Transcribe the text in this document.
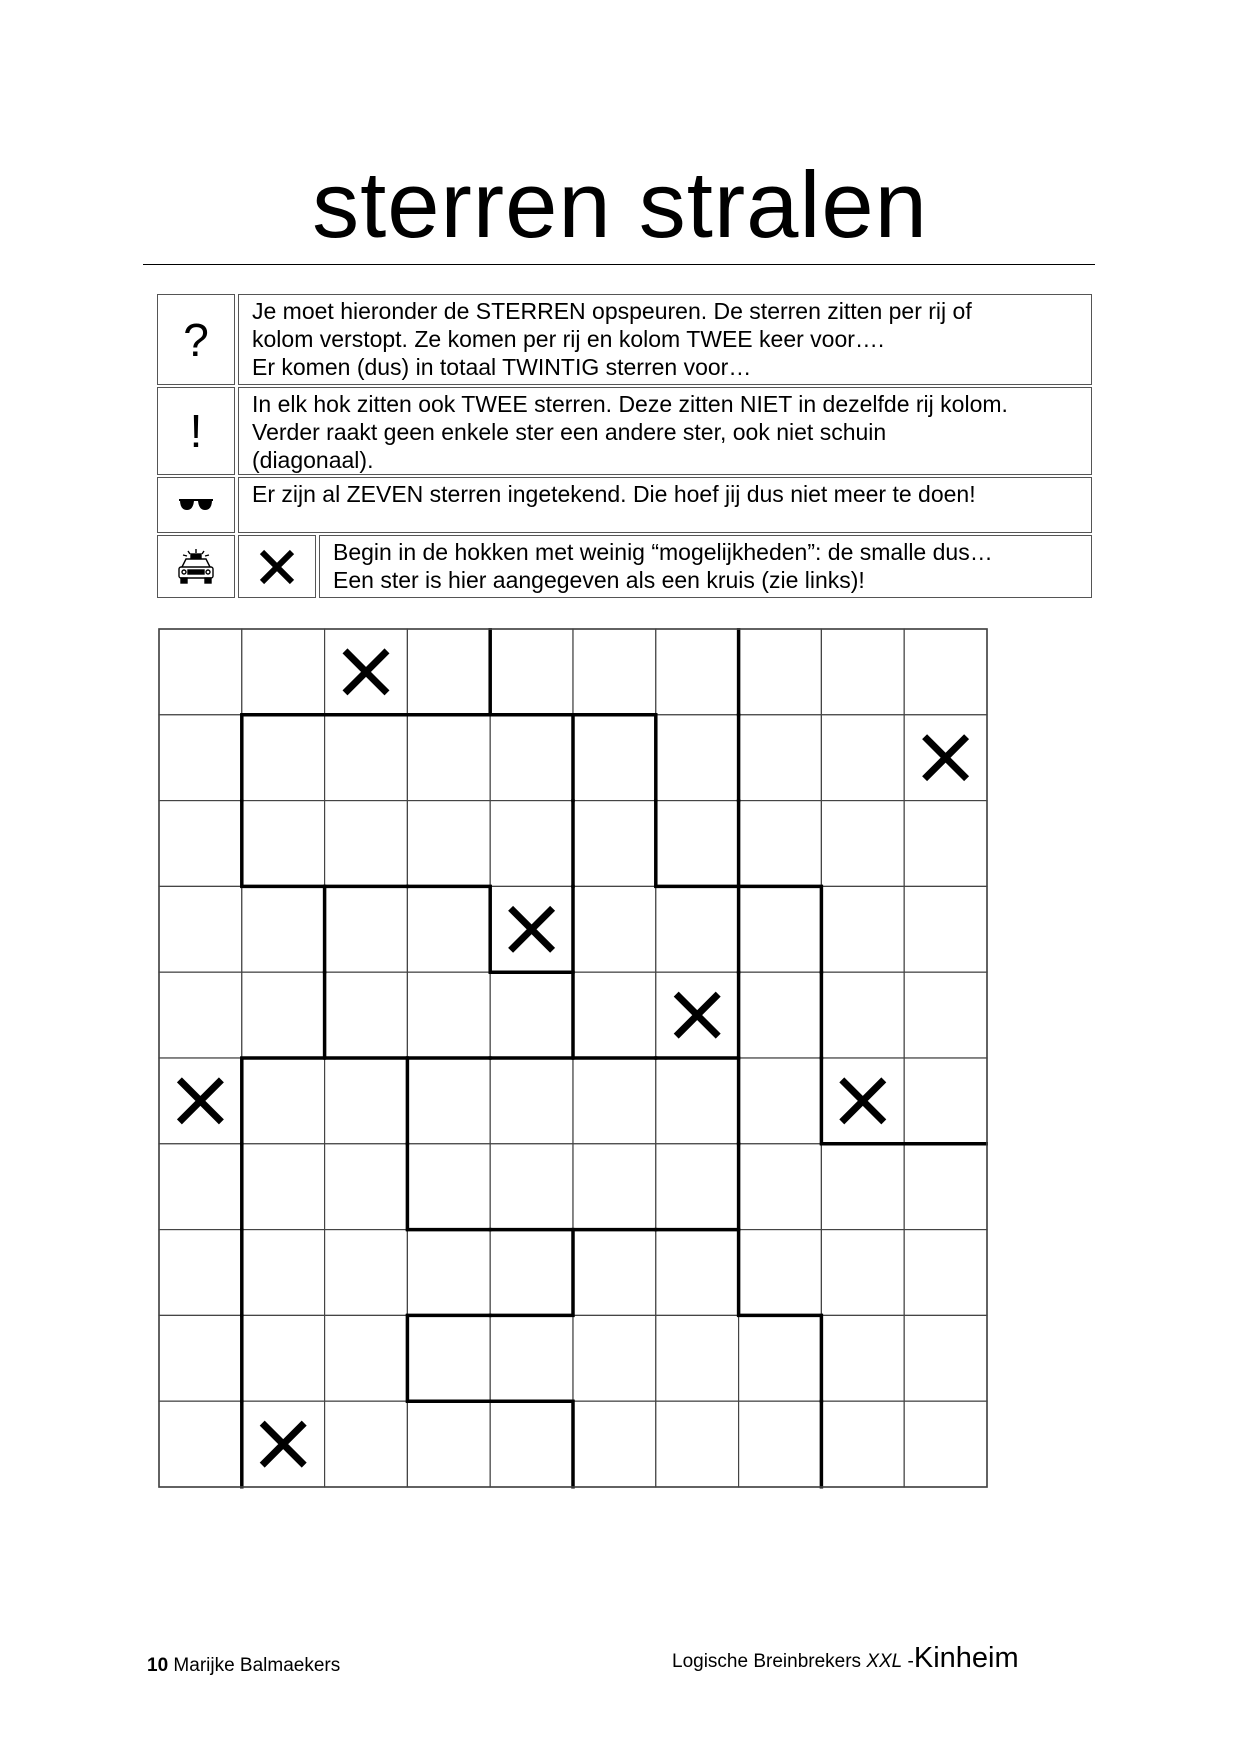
sterren stralen
?
Je moet hieronder de STERREN opspeuren. De sterren zitten per rij of
kolom verstopt. Ze komen per rij en kolom TWEE keer voor….
Er komen (dus) in totaal TWINTIG sterren voor…
!
In elk hok zitten ook TWEE sterren. Deze zitten NIET in dezelfde rij kolom.
Verder raakt geen enkele ster een andere ster, ook niet schuin
(diagonaal).
Er zijn al ZEVEN sterren ingetekend. Die hoef jij dus niet meer te doen!
Begin in de hokken met weinig “mogelijkheden”: de smalle dus…
Een ster is hier aangegeven als een kruis (zie links)!
10 Marijke Balmaekers	Logische Breinbrekers XXL -Kinheim
